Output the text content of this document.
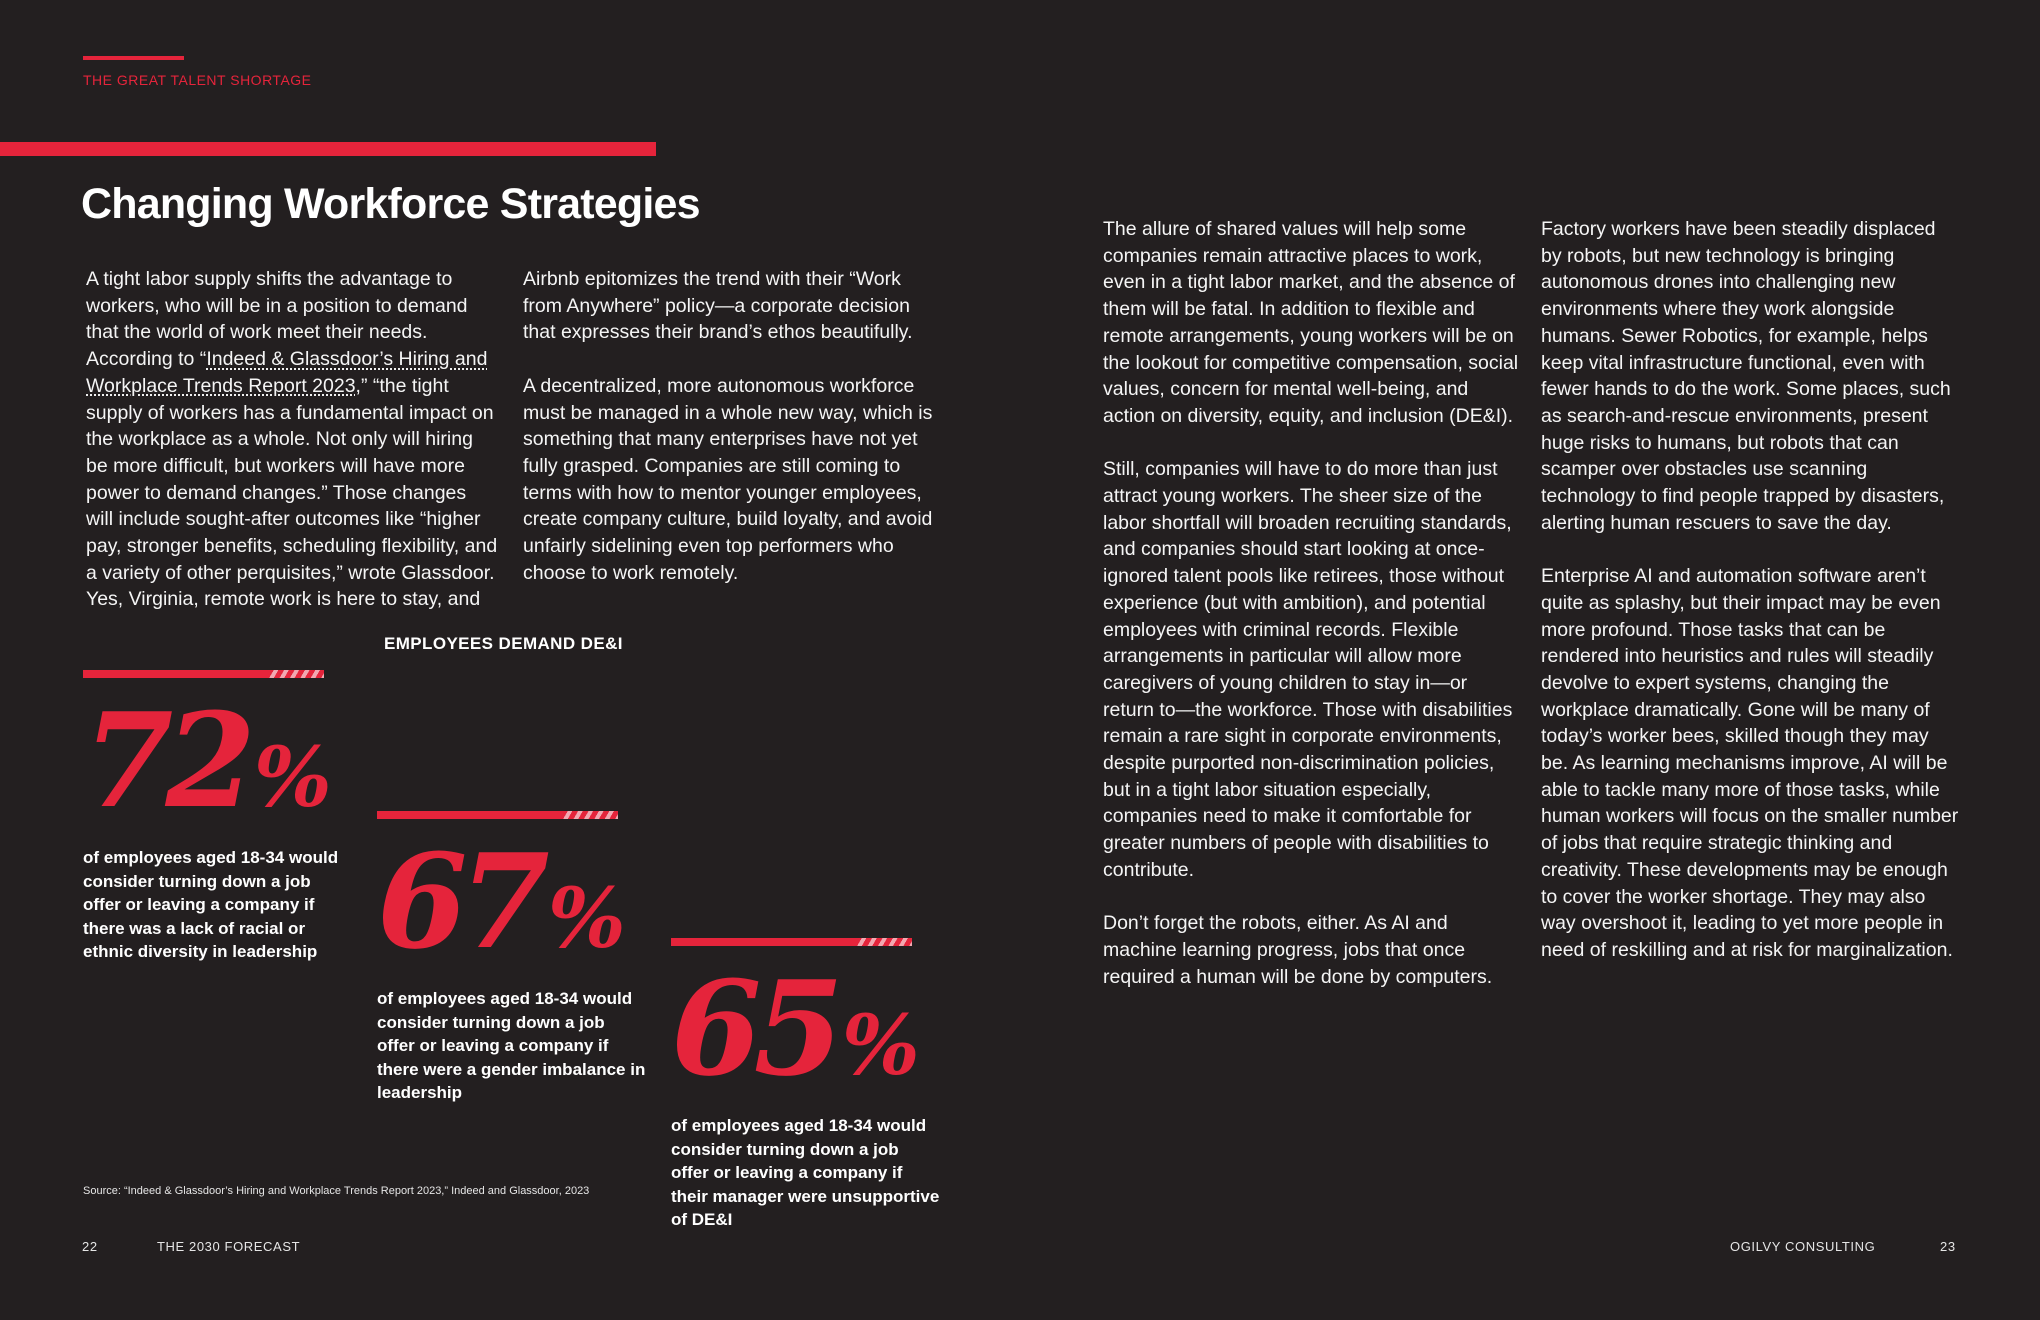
THE GREAT TALENT SHORTAGE
Changing Workforce Strategies

A tight labor supply shifts the advantage to workers, who will be in a position to demand that the world of work meet their needs. According to “Indeed & Glassdoor’s Hiring and Workplace Trends Report 2023,” “the tight supply of workers has a fundamental impact on the workplace as a whole. Not only will hiring be more difficult, but workers will have more power to demand changes.” Those changes will include sought-after outcomes like “higher pay, stronger benefits, scheduling flexibility, and a variety of other perquisites,” wrote Glassdoor. Yes, Virginia, remote work is here to stay, and

Airbnb epitomizes the trend with their “Work from Anywhere” policy—a corporate decision that expresses their brand’s ethos beautifully.

A decentralized, more autonomous workforce must be managed in a whole new way, which is something that many enterprises have not yet fully grasped. Companies are still coming to terms with how to mentor younger employees, create company culture, build loyalty, and avoid unfairly sidelining even top performers who choose to work remotely.

The allure of shared values will help some companies remain attractive places to work, even in a tight labor market, and the absence of them will be fatal. In addition to flexible and remote arrangements, young workers will be on the lookout for competitive compensation, social values, concern for mental well-being, and action on diversity, equity, and inclusion (DE&I).

Still, companies will have to do more than just attract young workers. The sheer size of the labor shortfall will broaden recruiting standards, and companies should start looking at once-ignored talent pools like retirees, those without experience (but with ambition), and potential employees with criminal records. Flexible arrangements in particular will allow more caregivers of young children to stay in—or return to—the workforce. Those with disabilities remain a rare sight in corporate environments, despite purported non-discrimination policies, but in a tight labor situation especially, companies need to make it comfortable for greater numbers of people with disabilities to contribute.

Don’t forget the robots, either. As AI and machine learning progress, jobs that once required a human will be done by computers.

Factory workers have been steadily displaced by robots, but new technology is bringing autonomous drones into challenging new environments where they work alongside humans. Sewer Robotics, for example, helps keep vital infrastructure functional, even with fewer hands to do the work. Some places, such as search-and-rescue environments, present huge risks to humans, but robots that can scamper over obstacles use scanning technology to find people trapped by disasters, alerting human rescuers to save the day.

Enterprise AI and automation software aren’t quite as splashy, but their impact may be even more profound. Those tasks that can be rendered into heuristics and rules will steadily devolve to expert systems, changing the workplace dramatically. Gone will be many of today’s worker bees, skilled though they may be. As learning mechanisms improve, AI will be able to tackle many more of those tasks, while human workers will focus on the smaller number of jobs that require strategic thinking and creativity. These developments may be enough to cover the worker shortage. They may also way overshoot it, leading to yet more people in need of reskilling and at risk for marginalization.

EMPLOYEES DEMAND DE&I
72%
of employees aged 18-34 would consider turning down a job offer or leaving a company if there was a lack of racial or ethnic diversity in leadership 67%
of employees aged 18-34 would consider turning down a job offer or leaving a company if there were a gender imbalance in leadership	65%
of employees aged 18-34 would consider turning down a job offer or leaving a company if their manager were unsupportive of DE&I
Source: “Indeed & Glassdoor’s Hiring and Workplace Trends Report 2023,” Indeed and Glassdoor, 2023
22	THE 2030 FORECAST	OGILVY CONSULTING	23
